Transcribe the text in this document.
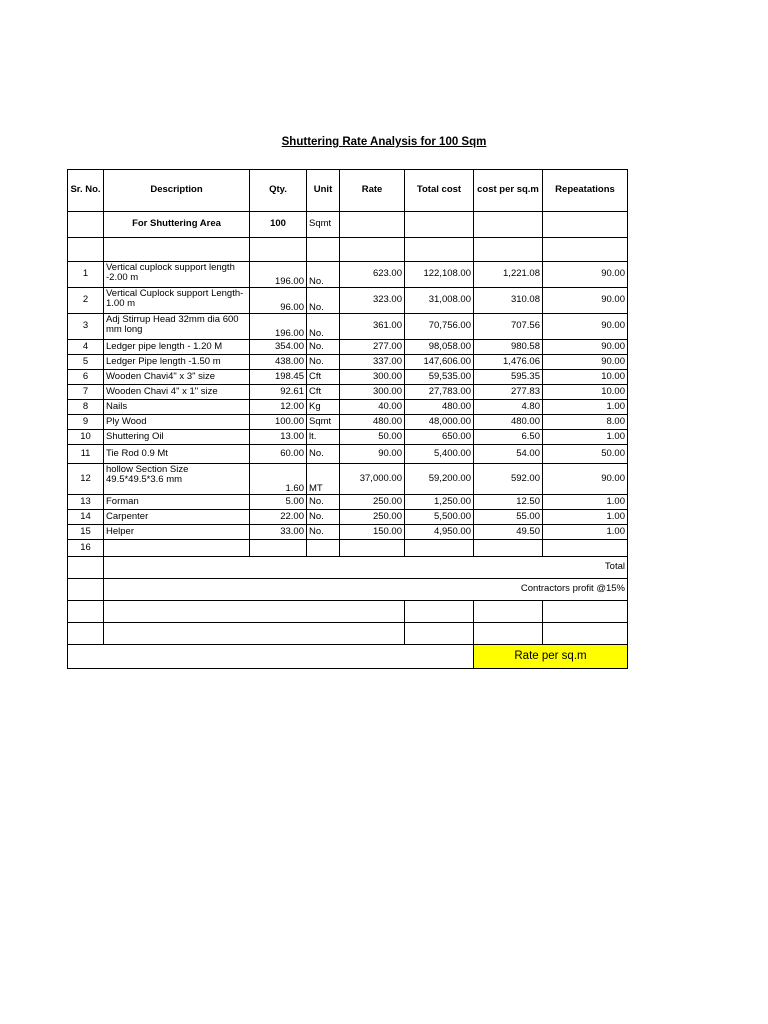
Shuttering Rate Analysis for 100 Sqm
Sr. No.	Description	Qty.	Unit	Rate	Total cost	cost per sq.m	Repeatations
	For Shuttering Area	100	Sqmt				

1	Vertical cuplock support length -2.00 m	196.00	No.	623.00	122,108.00	1,221.08	90.00
2	Vertical Cuplock support Length-1.00 m	96.00	No.	323.00	31,008.00	310.08	90.00
3	Adj Stirrup Head 32mm dia 600 mm long	196.00	No.	361.00	70,756.00	707.56	90.00
4	Ledger pipe length - 1.20 M	354.00	No.	277.00	98,058.00	980.58	90.00
5	Ledger Pipe length -1.50 m	438.00	No.	337.00	147,606.00	1,476.06	90.00
6	Wooden Chavi4" x 3" size	198.45	Cft	300.00	59,535.00	595.35	10.00
7	Wooden Chavi 4" x 1" size	92.61	Cft	300.00	27,783.00	277.83	10.00
8	Nails	12.00	Kg	40.00	480.00	4.80	1.00
9	Ply Wood	100.00	Sqmt	480.00	48,000.00	480.00	8.00
10	Shuttering Oil	13.00	lt.	50.00	650.00	6.50	1.00
11	Tie Rod 0.9 Mt	60.00	No.	90.00	5,400.00	54.00	50.00
12	hollow Section Size 49.5*49.5*3.6 mm	1.60	MT	37,000.00	59,200.00	592.00	90.00
13	Forman	5.00	No.	250.00	1,250.00	12.50	1.00
14	Carpenter	22.00	No.	250.00	5,500.00	55.00	1.00
15	Helper	33.00	No.	150.00	4,950.00	49.50	1.00
16							
	Total						
	Contractors profit @15%						

						Rate per sq.m	
